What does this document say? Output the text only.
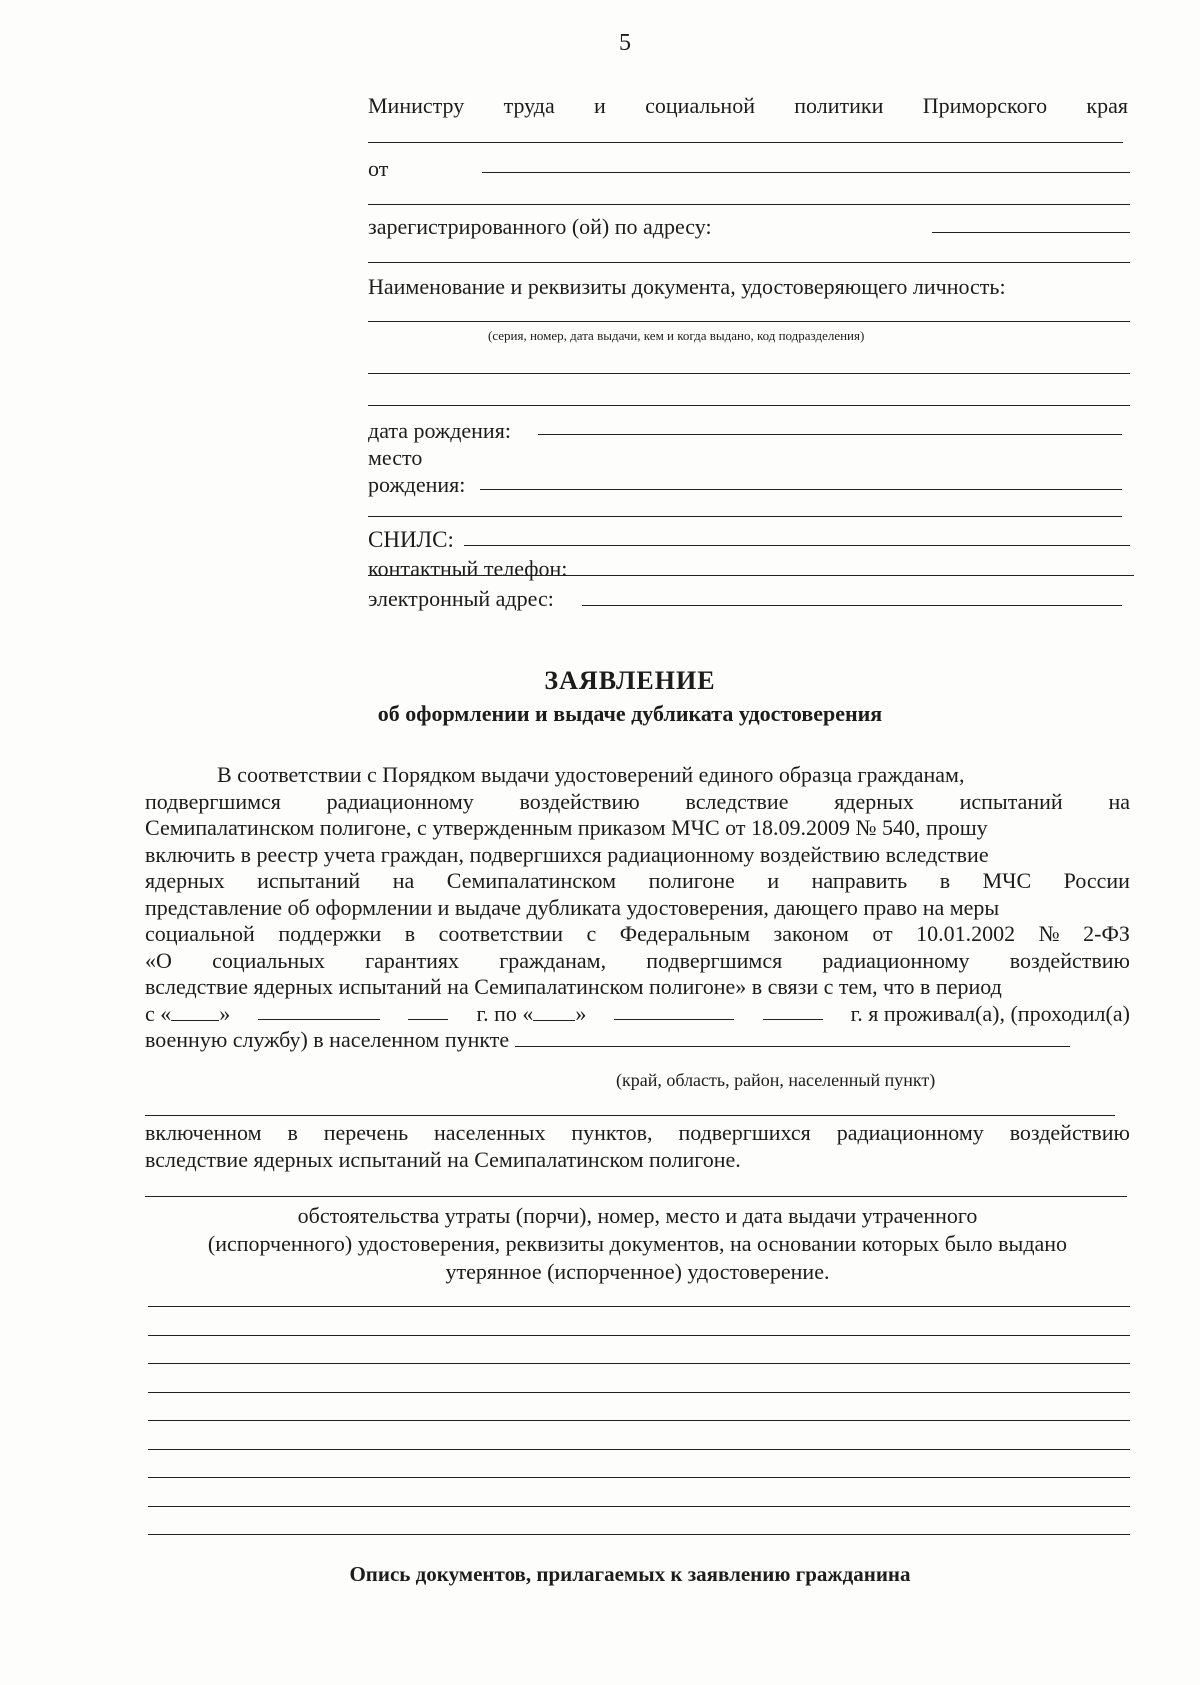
5
Министру труда и социальной политики Приморского края
от
зарегистрированного (ой) по адресу:
Наименование и реквизиты документа, удостоверяющего личность:
(серия, номер, дата выдачи, кем и когда выдано, код подразделения)
дата рождения:
место
рождения:
СНИЛС:
контактный телефон:
электронный адрес:
ЗАЯВЛЕНИЕ
об оформлении и выдаче дубликата удостоверения

В соответствии с Порядком выдачи удостоверений единого образца гражданам,

подвергшимся радиационному воздействию вследствие ядерных испытаний на

Семипалатинском полигоне, с утвержденным приказом МЧС от 18.09.2009 № 540, прошу

включить в реестр учета граждан, подвергшихся радиационному воздействию вследствие

ядерных испытаний на Семипалатинском полигоне и направить в МЧС России

представление об оформлении и выдаче дубликата удостоверения, дающего право на меры

социальной поддержки в соответствии с Федеральным законом от 10.01.2002 № 2-ФЗ
«О социальных гарантиях гражданам, подвергшимся радиационному воздействию

вследствие ядерных испытаний на Семипалатинском полигоне» в связи с тем, что в период

с « »	г. по « »	г. я проживал(а), (проходил(а)
военную службу) в населенном пункте
(край, область, район, населенный пункт)
включенном в перечень населенных пунктов, подвергшихся радиационному воздействию

вследствие ядерных испытаний на Семипалатинском полигоне.

обстоятельства утраты (порчи), номер, место и дата выдачи утраченного
(испорченного) удостоверения, реквизиты документов, на основании которых было выдано
утерянное (испорченное) удостоверение.
Опись документов, прилагаемых к заявлению гражданина
